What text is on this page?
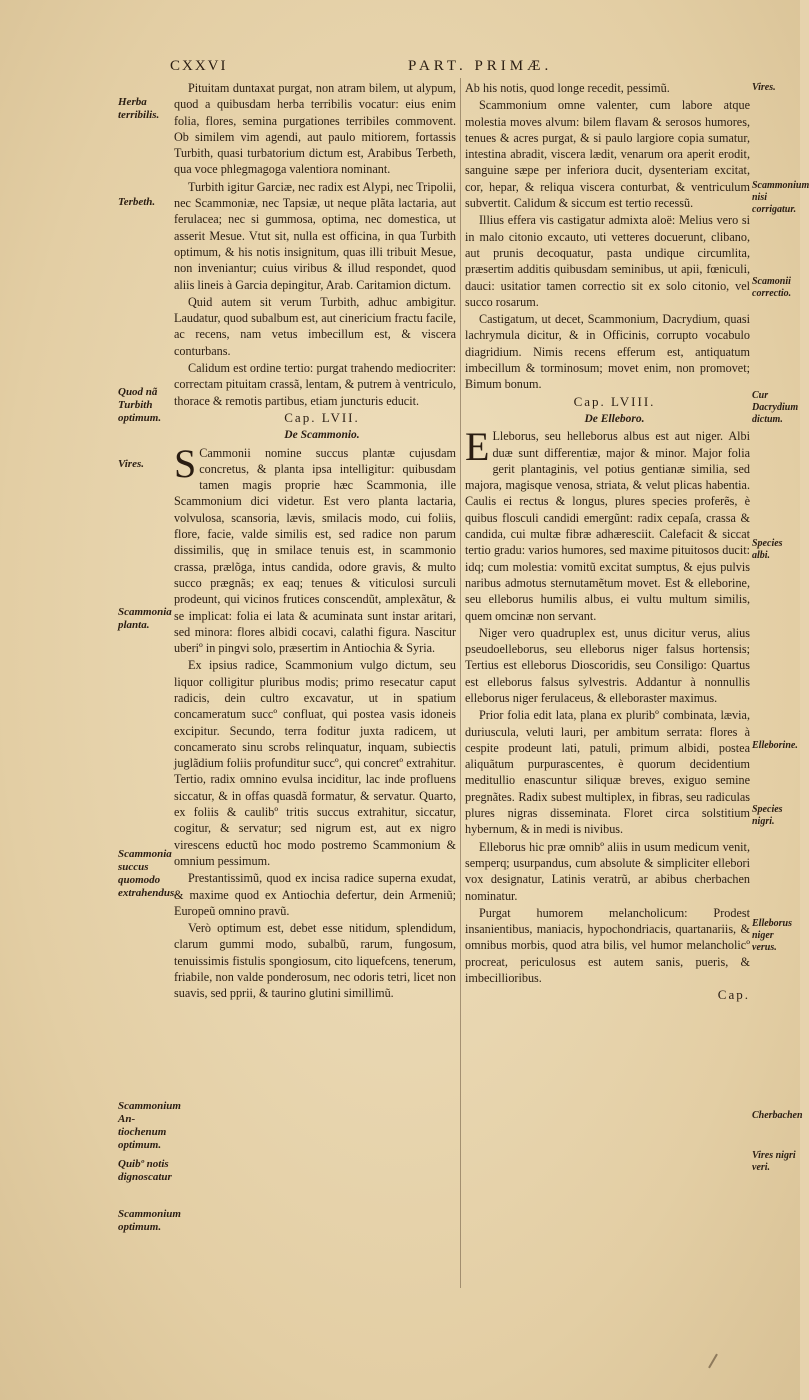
CXXVI	PART. PRIMÆ.

Pituitam duntaxat purgat, non atram bilem, ut alypum, quod a quibusdam herba terribilis vocatur: eius enim folia, flores, semina purgationes terribiles commovent. Ob similem vim agendi, aut paulo mitiorem, fortassis Turbith, quasi turbatorium dictum est, Arabibus Terbeth, qua voce phlegmagoga valentiora nominant.

Turbith igitur Garciæ, nec radix est Alypi, nec Tripolii, nec Scammoniæ, nec Tapsiæ, ut neque plãta lactaria, aut ferulacea; nec si gummosa, optima, nec domestica, ut asserit Mesue. Vtut sit, nulla est officina, in qua Turbith optimum, & his notis insignitum, quas illi tribuit Mesue, non inveniantur; cuius viribus & illud respondet, quod aliis lineis à Garcia depingitur, Arab. Caritamion dictum.

Quid autem sit verum Turbith, adhuc ambigitur. Laudatur, quod subalbum est, aut cinericium fractu facile, ac recens, nam vetus imbecillum est, & viscera conturbans.

Calidum est ordine tertio: purgat trahendo mediocriter: correctam pituitam crassã, lentam, & putrem à ventriculo, thorace & remotis partibus, etiam juncturis educit.

Cap. LVII.

De Scammonio.

S Cammonii nomine succus plantæ cujusdam concretus, & planta ipsa intelligitur: quibusdam tamen magis proprie hæc Scammonia, ille Scammonium dici videtur. Est vero planta lactaria, volvulosa, scansoria, lævis, smilacis modo, cui foliis, flore, facie, valde similis est, sed radice non parum dissimilis, quę in smilace tenuis est, in scammonio crassa, prælõga, intus candida, odore gravis, & multo succo prægnãs; ex eaq; tenues & viticulosi surculi prodeunt, qui vicinos frutices conscendũt, amplexãtur, & se implicat: folia ei lata & acuminata sunt instar aritari, sed minora: flores albidi cocavi, calathi figura. Nascitur uberiº in pingvi solo, præsertim in Antiochia & Syria.

Ex ipsius radice, Scammonium vulgo dictum, seu liquor colligitur pluribus modis; primo resecatur caput radicis, dein cultro excavatur, ut in spatium concameratum succº confluat, qui postea vasis idoneis excipitur. Secundo, terra foditur juxta radicem, ut concamerato sinu scrobs relinquatur, inquam, subiectis juglãdium foliis profunditur succº, qui concretº extrahitur. Tertio, radix omnino evulsa inciditur, lac inde profluens siccatur, & in offas quasdã formatur, & servatur. Quarto, ex foliis & caulibº tritis succus extrahitur, siccatur, cogitur, & servatur; sed nigrum est, aut ex nigro virescens eductũ hoc modo postremo Scammonium & omnium pessimum.

Prestantissimũ, quod ex incisa radice superna exudat, & maxime quod ex Antiochia defertur, dein Armeniũ; Europeũ omnino pravũ.

Verò optimum est, debet esse nitidum, splendidum, clarum gummi modo, subalbũ, rarum, fungosum, tenuissimis fistulis spongiosum, cito liquefcens, tenerum, friabile, non valde ponderosum, nec odoris tetri, licet non suavis, sed pprii, & taurino glutini simillimũ.

Ab his notis, quod longe recedit, pessimũ.

Scammonium omne valenter, cum labore atque molestia moves alvum: bilem flavam & serosos humores, tenues & acres purgat, & si paulo largiore copia sumatur, intestina abradit, viscera lædit, venarum ora aperit erodit, sanguine sæpe per inferiora ducit, dysenteriam excitat, cor, hepar, & reliqua viscera conturbat, & ventriculum subvertit. Calidum & siccum est tertio recessũ.

Illius effera vis castigatur admixta aloë: Melius vero si in malo citonio excauto, uti vetteres docuerunt, clibano, aut prunis decoquatur, pasta undique circumlita, præsertim additis quibusdam seminibus, ut apii, fœniculi, dauci: usitatior tamen correctio sit ex solo citonio, vel succo rosarum.

Castigatum, ut decet, Scammonium, Dacrydium, quasi lachrymula dicitur, & in Officinis, corrupto vocabulo diagridium. Nimis recens efferum est, antiquatum imbecillum & torminosum; movet enim, non promovet; Bimum bonum.

Cap. LVIII.

De Elleboro.

E Lleborus, seu helleborus albus est aut niger. Albi duæ sunt differentiæ, major & minor. Major folia gerit plantaginis, vel potius gentianæ similia, sed majora, magisque venosa, striata, & velut plicas habentia. Caulis ei rectus & longus, plures species proferẽs, è quibus flosculi candidi emergũnt: radix cepaſa, crassa & candida, cui multæ fibræ adhæresciit. Calefacit & siccat tertio gradu: varios humores, sed maxime pituitosos ducit: idq; cum molestia: vomitũ excitat sumptus, & ejus pulvis naribus admotus sternutamẽtum movet. Est & elleborine, seu elleborus humilis albus, ei vultu multum similis, quem omcinæ non servant.

Niger vero quadruplex est, unus dicitur verus, alius pseudoelleborus, seu elleborus niger falsus hortensis; Tertius est elleborus Dioscoridis, seu Consiligo: Quartus est elleborus falsus sylvestris. Addantur à nonnullis elleborus niger ferulaceus, & elleboraster maximus.

Prior folia edit lata, plana ex pluribº combinata, lævia, duriuscula, veluti lauri, per ambitum serrata: flores à cespite prodeunt lati, patuli, primum albidi, postea aliquãtum purpurascentes, è quorum decidentium meditullio enascuntur siliquæ breves, exiguo semine pregnãtes. Radix subest multiplex, in fibras, seu radiculas plures nigras disseminata. Floret circa solstitium hybernum, & in medi is nivibus.

Elleborus hic præ omnibº aliis in usum medicum venit, semperq; usurpandus, cum absolute & simpliciter ellebori vox designatur, Latinis veratrũ, ar abibus cherbachen nominatur.

Purgat humorem melancholicum: Prodest insanientibus, maniacis, hypochondriacis, quartanariis, & omnibus morbis, quod atra bilis, vel humor melancholicº procreat, periculosus est autem sanis, pueris, & imbecillioribus.

Cap.

Herba terribilis.
Terbeth.
Quod nã Turbith optimum.
Vires.
Scammonia planta.
Scammonia succus quomodo extrahendus.
Scammonium An- tiochenum optimum.
Quibº notis dignoscatur
Scammonium optimum.
Vires.
Scammonium nisi corrigatur.
Scamonii correctio.
Cur Dacrydium dictum.
Species albi.
Elleborine.
Species nigri.
Elleborus niger verus.
Cherbachen
Vires nigri veri.
